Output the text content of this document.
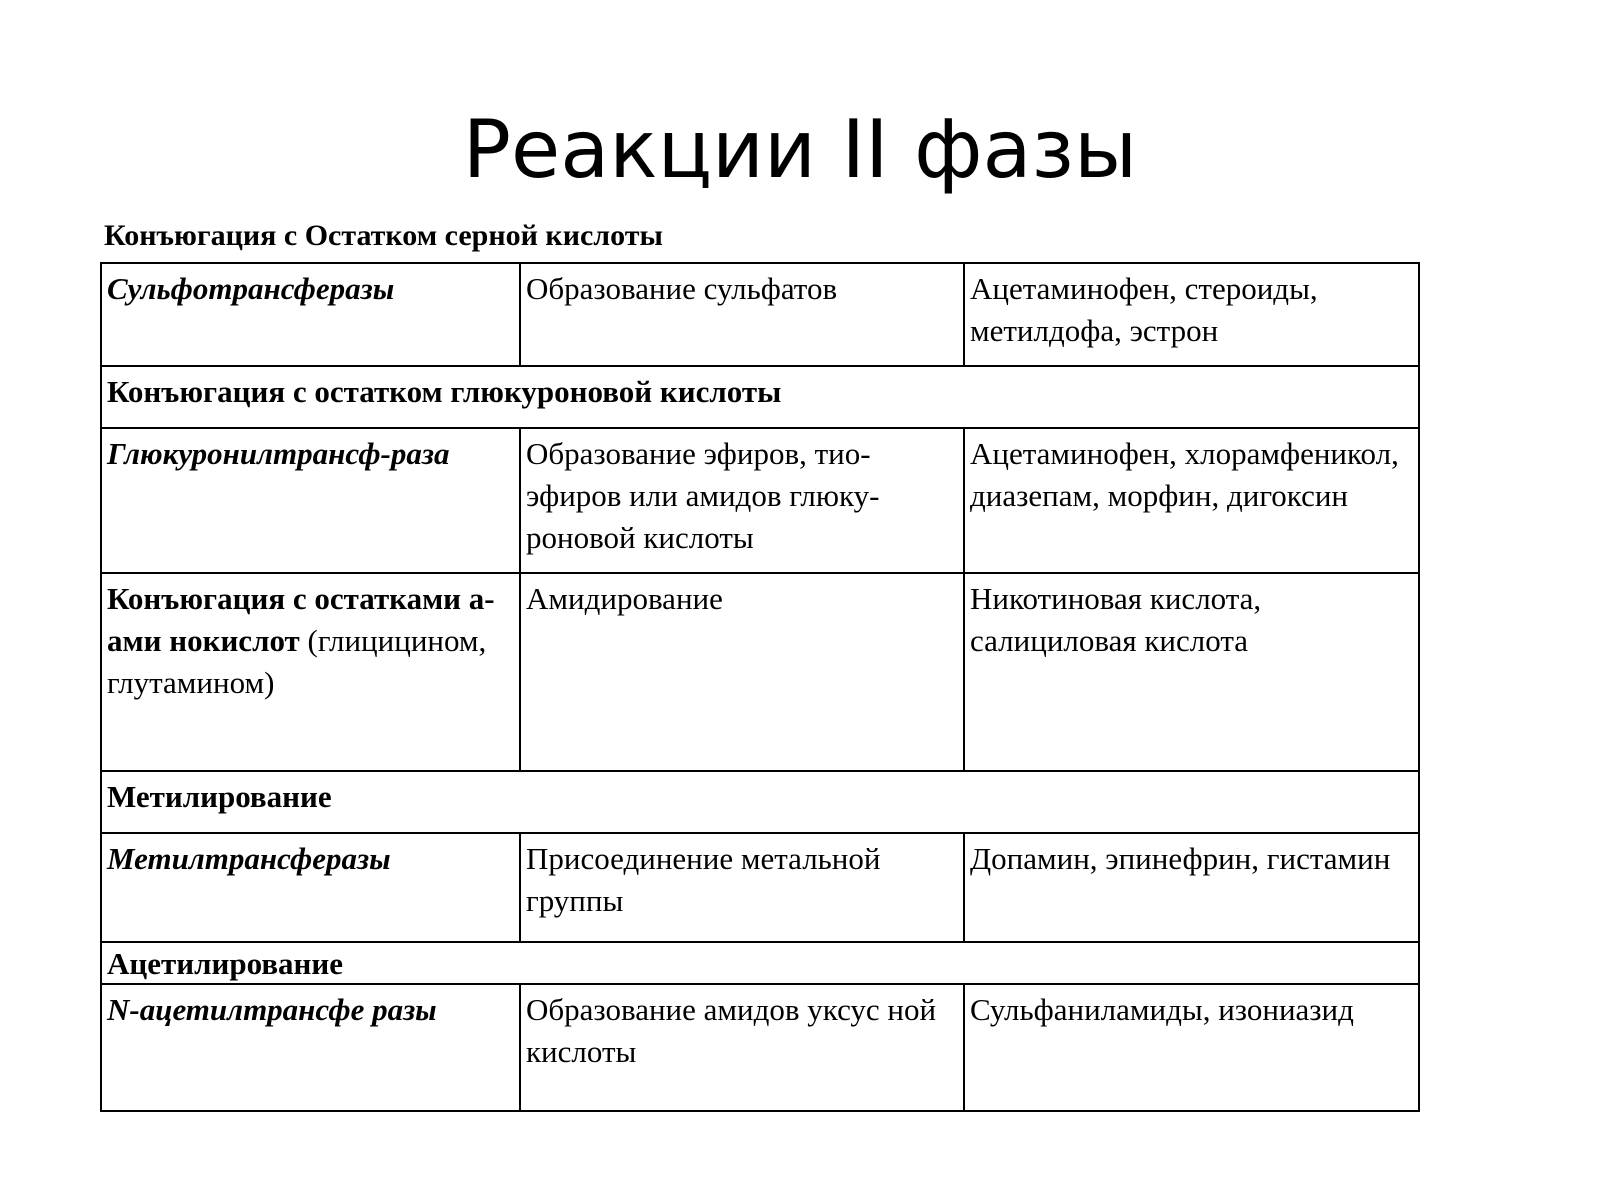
Реакции II фазы

Конъюгация с Остатком серной кислоты

Сульфотрансферазы	Образование сульфатов	Ацетаминофен, стероиды, метилдофа, эстрон
Конъюгация с остатком глюкуроновой кислоты		
Глюкуронилтрансф-раза	Образование эфиров, тио-эфиров или амидов глюку-роновой кислоты	Ацетаминофен, хлорамфеникол, диазепам, морфин, дигоксин
Конъюгация с остатками а-ами нокислот (глицицином, глутамином)	Амидирование	Никотиновая кислота, салициловая кислота
Метилирование		
Метилтрансферазы	Присоединение метальной группы	Допамин, эпинефрин, гистамин
Ацетилирование		
N-ацетилтрансфе разы	Образование амидов уксус ной кислоты	Сульфаниламиды, изониазид
